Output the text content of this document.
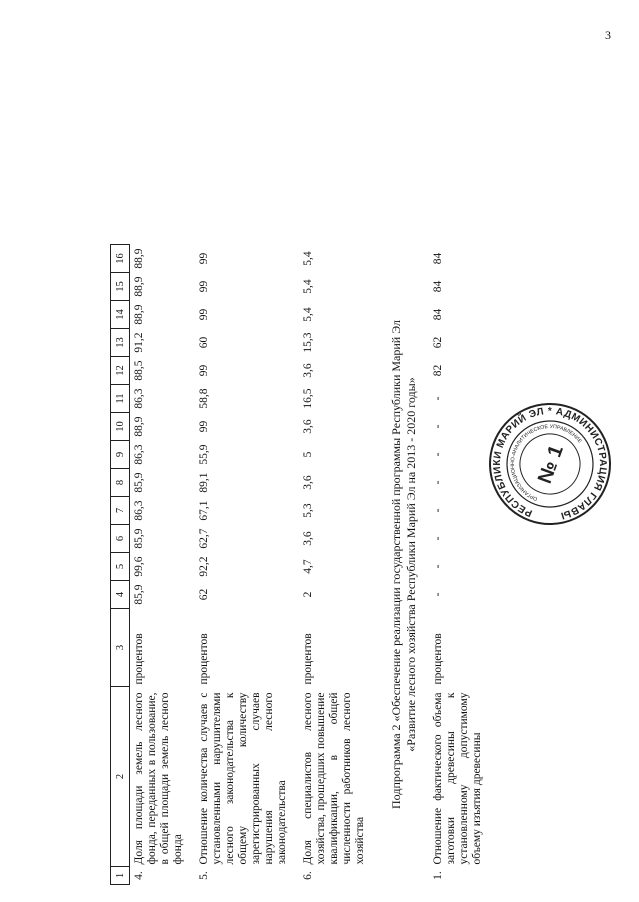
3
1	2	3	4	5	6	7	8	9	10	11	12	13	14	15	16
4.	Доля площади земель лесного фонда, переданных в пользование, в общей площади земель лесного фонда	процентов	85,9	99,6	85,9	86,3	85,9	86,3	88,9	86,3	88,5	91,2	88,9	88,9	88,9
5.	Отношение количества случаев с установленными нарушителями лесного законодательства к общему количеству зарегистрированных случаев нарушения лесного законодательства	процентов	62	92,2	62,7	67,1	89,1	55,9	99	58,8	99	60	99	99	99
6.	Доля специалистов лесного хозяйства, прошедших повышение квалификации, в общей численности работников лесного хозяйства	процентов	2	4,7	3,6	5,3	3,6	5	3,6	16,5	3,6	15,3	5,4	5,4	5,4

Подпрограмма 2 «Обеспечение реализации государственной программы Республики Марий Эл «Развитие лесного хозяйства Республики Марий Эл на 2013 - 2020 годы»															

1.	Отношение фактического объема заготовки древесины к установленному допустимому объему изъятия древесины	процентов	-	-	-	-	-	-	-	-	82	62	84	84	84
РЕСПУБЛИКИ МАРИЙ ЭЛ * АДМИНИСТРАЦИЯ ГЛАВЫ
ОРГАНИЗАЦИОННО-АНАЛИТИЧЕСКОЕ УПРАВЛЕНИЕ
№ 1
